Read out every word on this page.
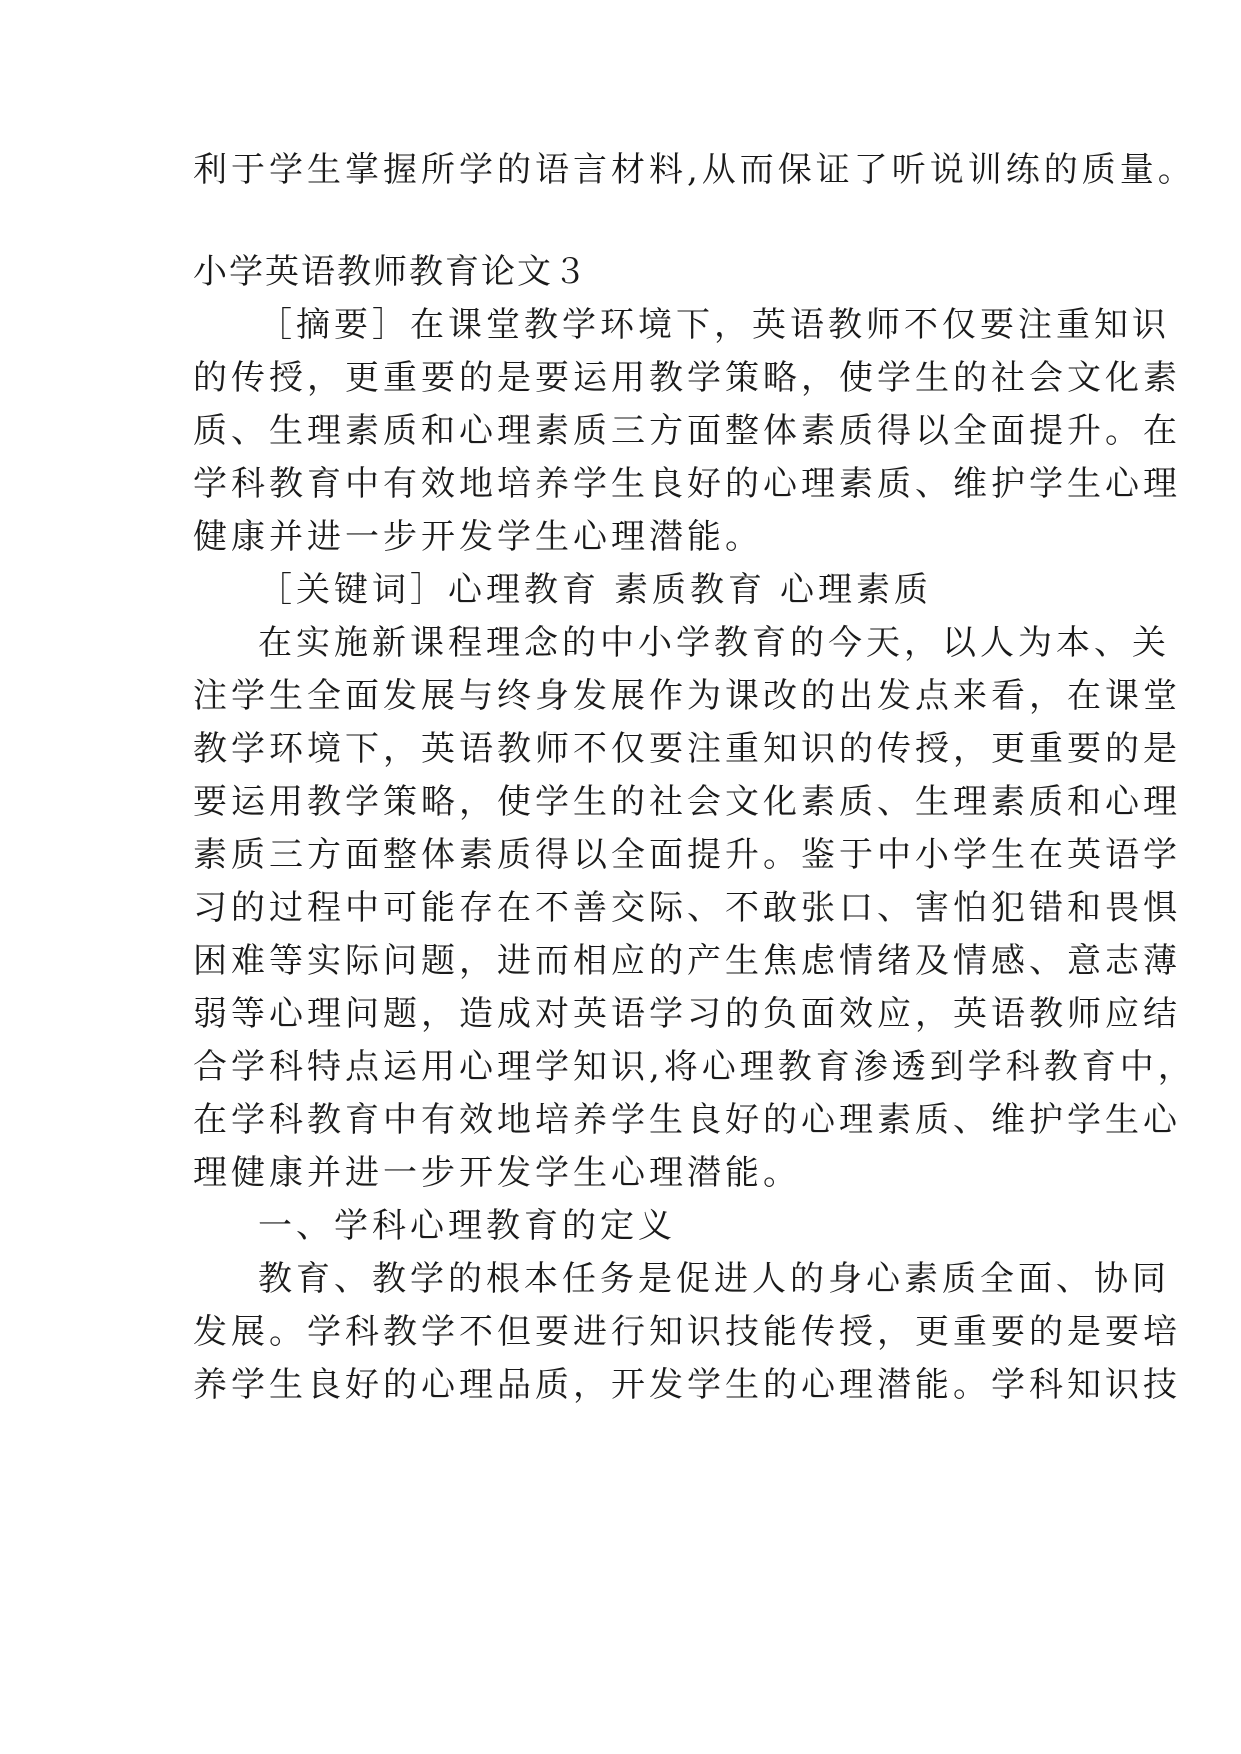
利于学生掌握所学的语言材料,从而保证了听说训练的质量。
小学英语教师教育论文３
［摘要］在课堂教学环境下，英语教师不仅要注重知识
的传授，更重要的是要运用教学策略，使学生的社会文化素
质、生理素质和心理素质三方面整体素质得以全面提升。在
学科教育中有效地培养学生良好的心理素质、维护学生心理
健康并进一步开发学生心理潜能。
［关键词］心理教育 素质教育 心理素质
在实施新课程理念的中小学教育的今天，以人为本、关
注学生全面发展与终身发展作为课改的出发点来看，在课堂
教学环境下，英语教师不仅要注重知识的传授，更重要的是
要运用教学策略，使学生的社会文化素质、生理素质和心理
素质三方面整体素质得以全面提升。鉴于中小学生在英语学
习的过程中可能存在不善交际、不敢张口、害怕犯错和畏惧
困难等实际问题，进而相应的产生焦虑情绪及情感、意志薄
弱等心理问题，造成对英语学习的负面效应，英语教师应结
合学科特点运用心理学知识,将心理教育渗透到学科教育中，
在学科教育中有效地培养学生良好的心理素质、维护学生心
理健康并进一步开发学生心理潜能。
一、学科心理教育的定义
教育、教学的根本任务是促进人的身心素质全面、协同
发展。学科教学不但要进行知识技能传授，更重要的是要培
养学生良好的心理品质，开发学生的心理潜能。学科知识技
